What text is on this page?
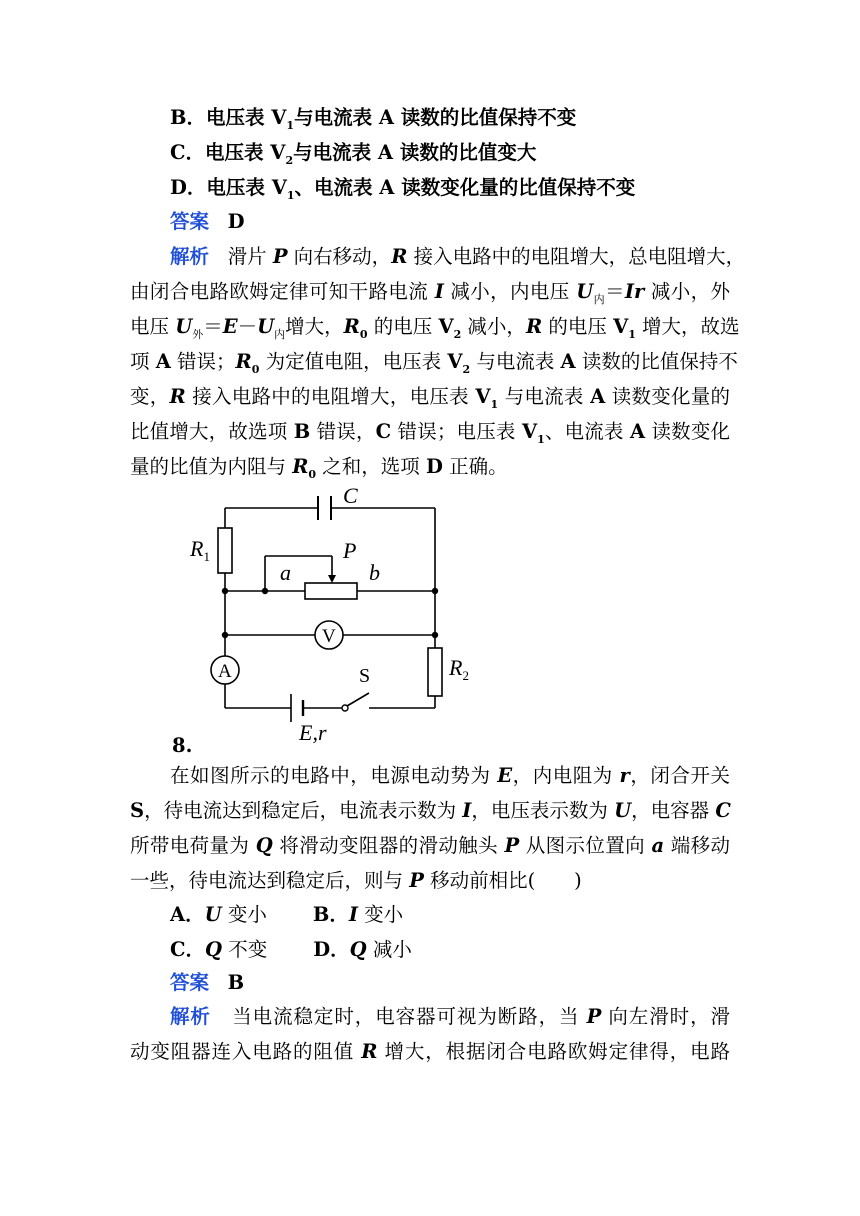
B．电压表 $V_1$与电流表 A 读数的比值保持不变
C．电压表 $V_2$与电流表 A 读数的比值变大
D．电压表 $V_1$、电流表 A 读数变化量的比值保持不变
答案 D
解析   滑片 P 向右移动，R 接入电路中的电阻增大，总电阻增大，
由闭合电路欧姆定律可知干路电流 I 减小，内电压 $U_内=Ir$ 减小，外
电压 $U_外=E-U_内$增大，$R_0$ 的电压 $V_2$ 减小，R 的电压 $V_1$ 增大，故选
项 A 错误；$R_0$ 为定值电阻，电压表 $V_2$ 与电流表 A 读数的比值保持不
变，R 接入电路中的电阻增大，电压表 $V_1$ 与电流表 A 读数变化量的
比值增大，故选项 B 错误，C 错误；电压表 $V_1$、电流表 A 读数变化
量的比值为内阻与 $R_0$ 之和，选项 D 正确。
C
$R_1$	P
a	b
V
A	S	$R_2$
E,r
8.
在如图所示的电路中，电源电动势为 E，内电阻为 r，闭合开关
S，待电流达到稳定后，电流表示数为 I，电压表示数为 U，电容器 C
所带电荷量为 Q 将滑动变阻器的滑动触头 P 从图示位置向 a 端移动
一些，待电流达到稳定后，则与 P 移动前相比(　　)
A．U 变小 B．I 变小
C．Q 不变 D．Q 减小
答案 B
解析   当电流稳定时，电容器可视为断路，当 P 向左滑时，滑
动变阻器连入电路的阻值 R 增大，根据闭合电路欧姆定律得，电路
